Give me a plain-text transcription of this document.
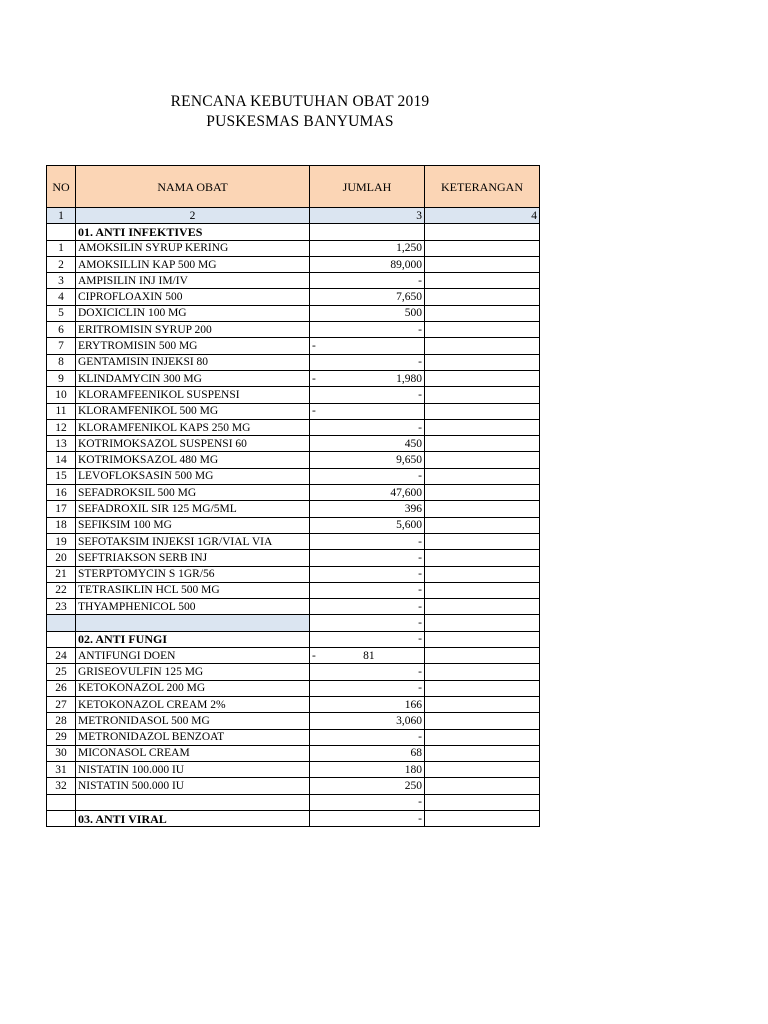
RENCANA KEBUTUHAN OBAT 2019
PUSKESMAS BANYUMAS
NO	NAMA OBAT	JUMLAH	KETERANGAN
1	2	3	4
	01. ANTI INFEKTIVES		
1	AMOKSILIN SYRUP KERING	1,250	
2	AMOKSILLIN KAP 500 MG	89,000	
3	AMPISILIN INJ IM/IV	-	
4	CIPROFLOAXIN 500	7,650	
5	DOXICICLIN 100 MG	500	
6	ERITROMISIN SYRUP 200	-	
7	ERYTROMISIN 500 MG	-	

8	GENTAMISIN INJEKSI 80	-	
9	KLINDAMYCIN 300 MG	- 1,980	
10	KLORAMFEENIKOL SUSPENSI	-	
11	KLORAMFENIKOL 500 MG	-	

12	KLORAMFENIKOL KAPS 250 MG	-	
13	KOTRIMOKSAZOL SUSPENSI 60	450	
14	KOTRIMOKSAZOL 480 MG	9,650	
15	LEVOFLOKSASIN 500 MG	-	
16	SEFADROKSIL 500 MG	47,600	
17	SEFADROXIL SIR 125 MG/5ML	396	
18	SEFIKSIM 100 MG	5,600	
19	SEFOTAKSIM INJEKSI 1GR/VIAL VIA	-	
20	SEFTRIAKSON SERB INJ	-	
21	STERPTOMYCIN S 1GR/56	-	
22	TETRASIKLIN HCL 500 MG	-	
23	THYAMPHENICOL 500	-	
		-	
	02. ANTI FUNGI	-	
24	ANTIFUNGI DOEN	- 81	
25	GRISEOVULFIN 125 MG	-	
26	KETOKONAZOL 200 MG	-	
27	KETOKONAZOL CREAM 2%	166	
28	METRONIDASOL 500 MG	3,060	
29	METRONIDAZOL BENZOAT	-	
30	MICONASOL CREAM	68	
31	NISTATIN 100.000 IU	180	
32	NISTATIN 500.000 IU	250	
		-	
	03. ANTI VIRAL	-	
